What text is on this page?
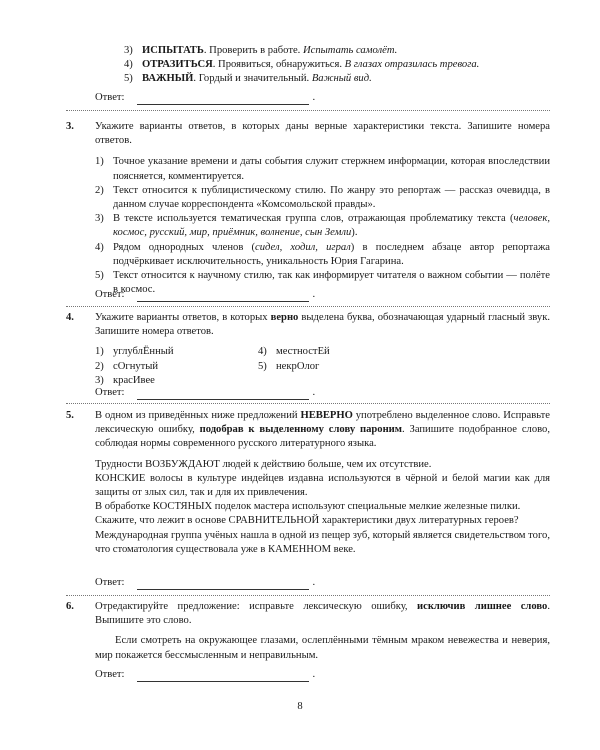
3) ИСПЫТАТЬ. Проверить в работе. Испытать самолёт.
4) ОТРАЗИТЬСЯ. Проявиться, обнаружиться. В глазах отразилась тревога.
5) ВАЖНЫЙ. Гордый и значительный. Важный вид.
Ответ:	.
3.	Укажите варианты ответов, в которых даны верные характеристики текста. Запишите номера ответов.
1) Точное указание времени и даты события служит стержнем информации, которая впоследствии поясняется, комментируется.
2) Текст относится к публицистическому стилю. По жанру это репортаж — рассказ очевидца, в данном случае корреспондента «Комсомольской правды».
3) В тексте используется тематическая группа слов, отражающая проблематику текста (человек, космос, русский, мир, приёмник, волнение, сын Земли).
4) Рядом однородных членов (сидел, ходил, играл) в последнем абзаце автор репортажа подчёркивает исключительность, уникальность Юрия Гагарина.
5) Текст относится к научному стилю, так как информирует читателя о важном событии — полёте в космос.
Ответ:	.
4.	Укажите варианты ответов, в которых верно выделена буква, обозначающая ударный гласный звук. Запишите номера ответов.
1) углублЁнный	4) местностЕй
2) сОгнутый	5) некрОлог
3) красИвее
Ответ:	.
5.	В одном из приведённых ниже предложений НЕВЕРНО употреблено выделенное слово. Исправьте лексическую ошибку, подобрав к выделенному слову пароним. Запишите подобранное слово, соблюдая нормы современного русского литературного языка.
Трудности ВОЗБУЖДАЮТ людей к действию больше, чем их отсутствие.
КОНСКИЕ волосы в культуре индейцев издавна используются в чёрной и белой магии как для защиты от злых сил, так и для их привлечения.
В обработке КОСТЯНЫХ поделок мастера используют специальные мелкие железные пилки.
Скажите, что лежит в основе СРАВНИТЕЛЬНОЙ характеристики двух литературных героев?
Международная группа учёных нашла в одной из пещер зуб, который является свидетельством того, что стоматология существовала уже в КАМЕННОМ веке.
Ответ:	.
6.	Отредактируйте предложение: исправьте лексическую ошибку, исключив лишнее слово. Выпишите это слово.
Если смотреть на окружающее глазами, ослеплёнными тёмным мраком невежества и неверия, мир покажется бессмысленным и неправильным.
Ответ:	.
8
